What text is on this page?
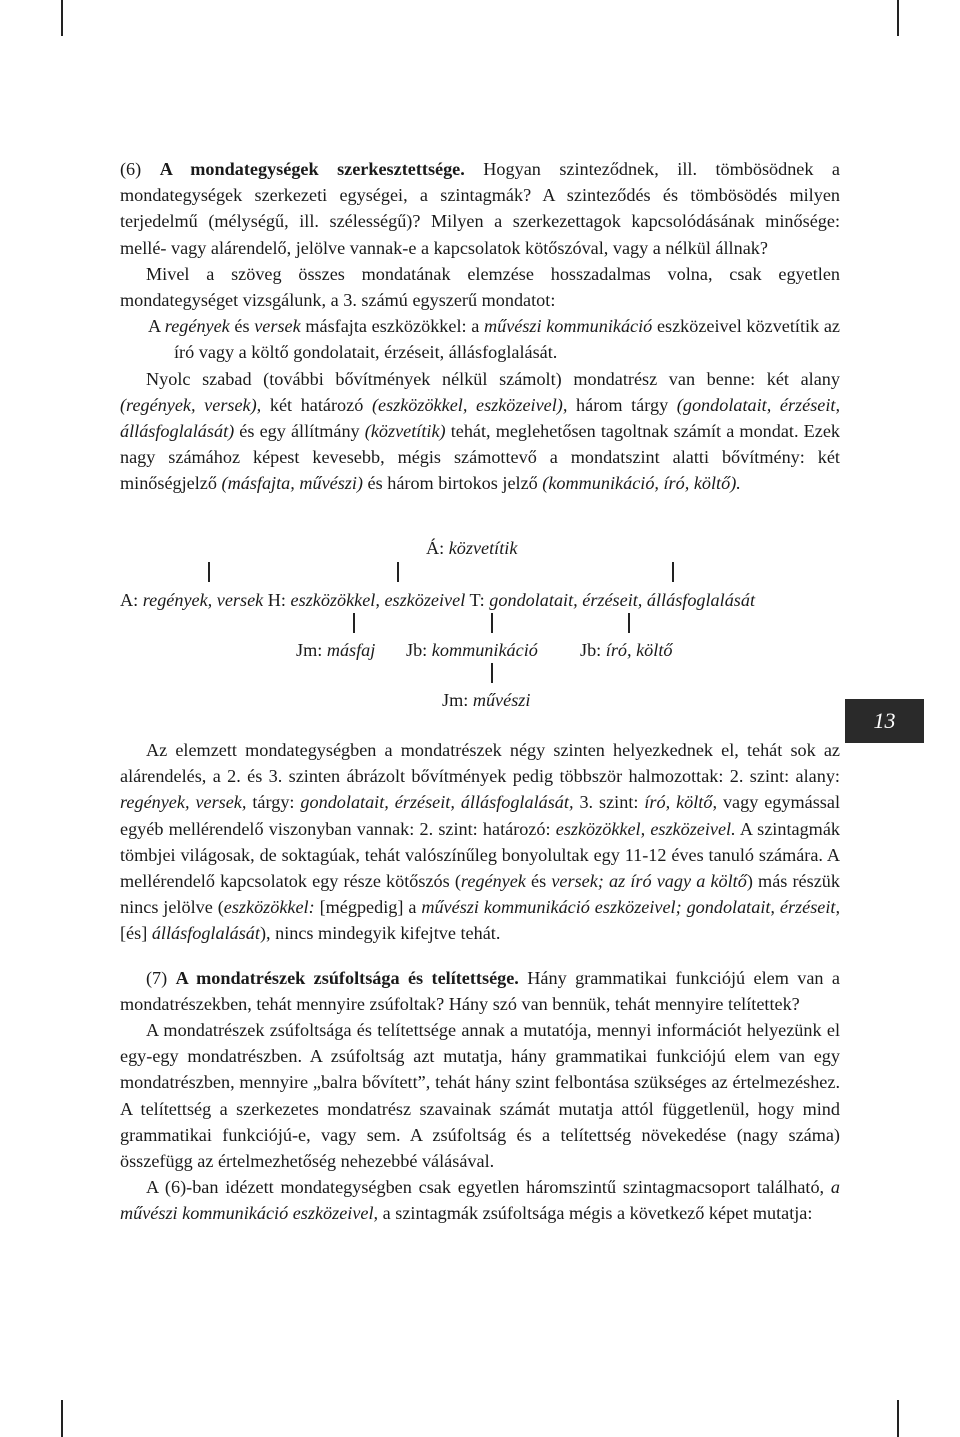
(6) A mondategységek szerkesztettsége. Hogyan szinteződnek, ill. tömbösödnek a mondategységek szerkezeti egységei, a szintagmák? A szinteződés és tömbösödés milyen terjedelmű (mélységű, ill. szélességű)? Milyen a szerkezettagok kapcsolódásának minősége: mellé- vagy alárendelő, jelölve vannak-e a kapcsolatok kötőszóval, vagy a nélkül állnak?

Mivel a szöveg összes mondatának elemzése hosszadalmas volna, csak egyetlen mondategységet vizsgálunk, a 3. számú egyszerű mondatot:

A regények és versek másfajta eszközökkel: a művészi kommunikáció eszközeivel közvetítik az író vagy a költő gondolatait, érzéseit, állásfoglalását.

Nyolc szabad (további bővítmények nélkül számolt) mondatrész van benne: két alany (regények, versek), két határozó (eszközökkel, eszközeivel), három tárgy (gondolatait, érzéseit, állásfoglalását) és egy állítmány (közvetítik) tehát, meglehetősen tagoltnak számít a mondat. Ezek nagy számához képest kevesebb, mégis számottevő a mondatszint alatti bővítmény: két minőségjelző (másfajta, művészi) és három birtokos jelző (kommunikáció, író, költő).

Á: közvetítik
A: regények, versek H: eszközökkel, eszközeivel T: gondolatait, érzéseit, állásfoglalását
Jm: másfaj Jb: kommunikáció Jb: író, költő
Jm: művészi
13

Az elemzett mondategységben a mondatrészek négy szinten helyezkednek el, tehát sok az alárendelés, a 2. és 3. szinten ábrázolt bővítmények pedig többször halmozottak: 2. szint: alany: regények, versek, tárgy: gondolatait, érzéseit, állásfoglalását, 3. szint: író, költő, vagy egymással egyéb mellérendelő viszonyban vannak: 2. szint: határozó: eszközökkel, eszközeivel. A szintagmák tömbjei világosak, de soktagúak, tehát valószínűleg bonyolultak egy 11-12 éves tanuló számára. A mellérendelő kapcsolatok egy része kötőszós (regények és versek; az író vagy a költő) más részük nincs jelölve (eszközökkel: [mégpedig] a művészi kommunikáció eszközeivel; gondolatait, érzéseit, [és] állásfoglalását), nincs mindegyik kifejtve tehát.

(7) A mondatrészek zsúfoltsága és telítettsége. Hány grammatikai funkciójú elem van a mondatrészekben, tehát mennyire zsúfoltak? Hány szó van bennük, tehát mennyire telítettek?

A mondatrészek zsúfoltsága és telítettsége annak a mutatója, mennyi információt helyezünk el egy-egy mondatrészben. A zsúfoltság azt mutatja, hány grammatikai funkciójú elem van egy mondatrészben, mennyire „balra bővített”, tehát hány szint felbontása szükséges az értelmezéshez. A telítettség a szerkezetes mondatrész szavainak számát mutatja attól függetlenül, hogy mind grammatikai funkciójú-e, vagy sem. A zsúfoltság és a telítettség növekedése (nagy száma) összefügg az értelmezhetőség nehezebbé válásával.

A (6)-ban idézett mondategységben csak egyetlen háromszintű szintagmacsoport található, a művészi kommunikáció eszközeivel, a szintagmák zsúfoltsága mégis a következő képet mutatja:
